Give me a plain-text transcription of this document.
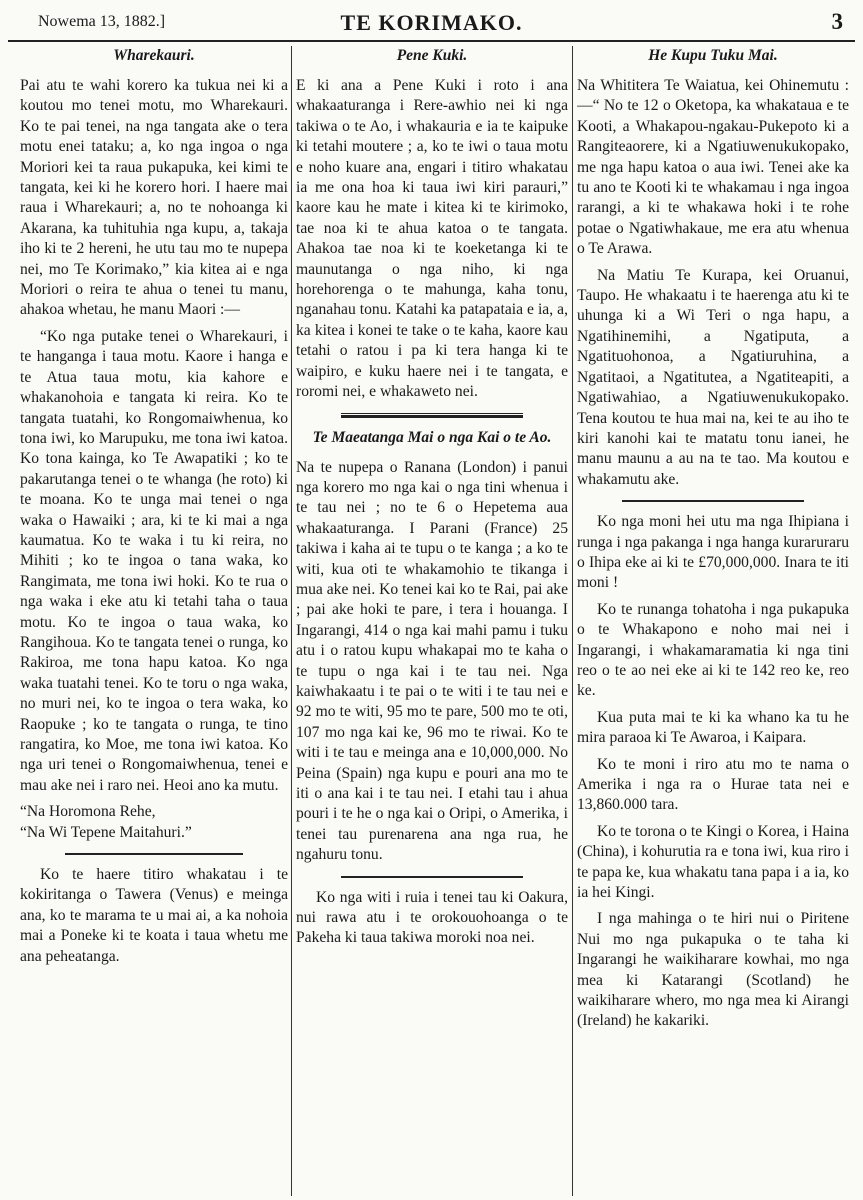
Nowema 13, 1882.]	TE KORIMAKO.	3
Wharekauri.

Pai atu te wahi korero ka tukua nei ki a koutou mo tenei motu, mo Wharekauri. Ko te pai tenei, na nga tangata ake o tera motu enei tataku; a, ko nga ingoa o nga Moriori kei ta raua pukapuka, kei kimi te tangata, kei ki he korero hori. I haere mai raua i Wharekauri; a, no te nohoanga ki Akarana, ka tuhituhia nga kupu, a, takaja iho ki te 2 hereni, he utu tau mo te nupepa nei, mo Te Korimako,” kia kitea ai e nga Moriori o reira te ahua o tenei tu manu, ahakoa whetau, he manu Maori :—

“Ko nga putake tenei o Wharekauri, i te hanganga i taua motu. Kaore i hanga e te Atua taua motu, kia kahore e whakanohoia e tangata ki reira. Ko te tangata tuatahi, ko Rongomaiwhenua, ko tona iwi, ko Marupuku, me tona iwi katoa. Ko tona kainga, ko Te Awapatiki ; ko te pakarutanga tenei o te whanga (he roto) ki te moana. Ko te unga mai tenei o nga waka o Hawaiki ; ara, ki te ki mai a nga kaumatua. Ko te waka i tu ki reira, no Mihiti ; ko te ingoa o tana waka, ko Rangimata, me tona iwi hoki. Ko te rua o nga waka i eke atu ki tetahi taha o taua motu. Ko te ingoa o taua waka, ko Rangihoua. Ko te tangata tenei o runga, ko Rakiroa, me tona hapu katoa. Ko nga waka tuatahi tenei. Ko te toru o nga waka, no muri nei, ko te ingoa o tera waka, ko Raopuke ; ko te tangata o runga, te tino rangatira, ko Moe, me tona iwi katoa. Ko nga uri tenei o Rongomaiwhenua, tenei e mau ake nei i raro nei. Heoi ano ka mutu.

“Na Horomona Rehe,

“Na Wi Tepene Maitahuri.”

Ko te haere titiro whakatau i te kokiritanga o Tawera (Venus) e meinga ana, ko te marama te u mai ai, a ka nohoia mai a Poneke ki te koata i taua whetu me ana peheatanga.

Pene Kuki.

E ki ana a Pene Kuki i roto i ana whakaaturanga i Rere-awhio nei ki nga takiwa o te Ao, i whakauria e ia te kaipuke ki tetahi moutere ; a, ko te iwi o taua motu e noho kuare ana, engari i titiro whakatau ia me ona hoa ki taua iwi kiri parauri,” kaore kau he mate i kitea ki te kirimoko, tae noa ki te ahua katoa o te tangata. Ahakoa tae noa ki te koeketanga ki te maunutanga o nga niho, ki nga horehorenga o te mahunga, kaha tonu, nganahau tonu. Katahi ka patapataia e ia, a, ka kitea i konei te take o te kaha, kaore kau tetahi o ratou i pa ki tera hanga ki te waipiro, e kuku haere nei i te tangata, e roromi nei, e whakaweto nei.

Te Maeatanga Mai o nga Kai o te Ao.

Na te nupepa o Ranana (London) i panui nga korero mo nga kai o nga tini whenua i te tau nei ; no te 6 o Hepetema aua whakaaturanga. I Parani (France) 25 takiwa i kaha ai te tupu o te kanga ; a ko te witi, kua oti te whakamohio te tikanga i mua ake nei. Ko tenei kai ko te Rai, pai ake ; pai ake hoki te pare, i tera i houanga. I Ingarangi, 414 o nga kai mahi pamu i tuku atu i o ratou kupu whakapai mo te kaha o te tupu o nga kai i te tau nei. Nga kaiwhakaatu i te pai o te witi i te tau nei e 92 mo te witi, 95 mo te pare, 500 mo te oti, 107 mo nga kai ke, 96 mo te riwai. Ko te witi i te tau e meinga ana e 10,000,000. No Peina (Spain) nga kupu e pouri ana mo te iti o ana kai i te tau nei. I etahi tau i ahua pouri i te he o nga kai o Oripi, o Amerika, i tenei tau purenarena ana nga rua, he ngahuru tonu.

Ko nga witi i ruia i tenei tau ki Oakura, nui rawa atu i te orokouohoanga o te Pakeha ki taua takiwa moroki noa nei.

He Kupu Tuku Mai.

Na Whititera Te Waiatua, kei Ohinemutu :—“ No te 12 o Oketopa, ka whakataua e te Kooti, a Whakapou-ngakau-Pukepoto ki a Rangiteaorere, ki a Ngatiuwenukukopako, me nga hapu katoa o aua iwi. Tenei ake ka tu ano te Kooti ki te whakamau i nga ingoa rarangi, a ki te whakawa hoki i te rohe potae o Ngatiwhakaue, me era atu whenua o Te Arawa.

Na Matiu Te Kurapa, kei Oruanui, Taupo. He whakaatu i te haerenga atu ki te uhunga ki a Wi Teri o nga hapu, a Ngatihinemihi, a Ngatiputa, a Ngatituohonoa, a Ngatiuruhina, a Ngatitaoi, a Ngatitutea, a Ngatiteapiti, a Ngatiwahiao, a Ngatiuwenukukopako. Tena koutou te hua mai na, kei te au iho te kiri kanohi kai te matatu tonu ianei, he manu maunu a au na te tao. Ma koutou e whakamutu ake.

Ko nga moni hei utu ma nga Ihipiana i runga i nga pakanga i nga hanga kuraruraru o Ihipa eke ai ki te £70,000,000. Inara te iti moni !

Ko te runanga tohatoha i nga pukapuka o te Whakapono e noho mai nei i Ingarangi, i whakamaramatia ki nga tini reo o te ao nei eke ai ki te 142 reo ke, reo ke.

Kua puta mai te ki ka whano ka tu he mira paraoa ki Te Awaroa, i Kaipara.

Ko te moni i riro atu mo te nama o Amerika i nga ra o Hurae tata nei e 13,860.000 tara.

Ko te torona o te Kingi o Korea, i Haina (China), i kohurutia ra e tona iwi, kua riro i te papa ke, kua whakatu tana papa i a ia, ko ia hei Kingi.

I nga mahinga o te hiri nui o Piritene Nui mo nga pukapuka o te taha ki Ingarangi he waikiharare kowhai, mo nga mea ki Katarangi (Scotland) he waikiharare whero, mo nga mea ki Airangi (Ireland) he kakariki.
